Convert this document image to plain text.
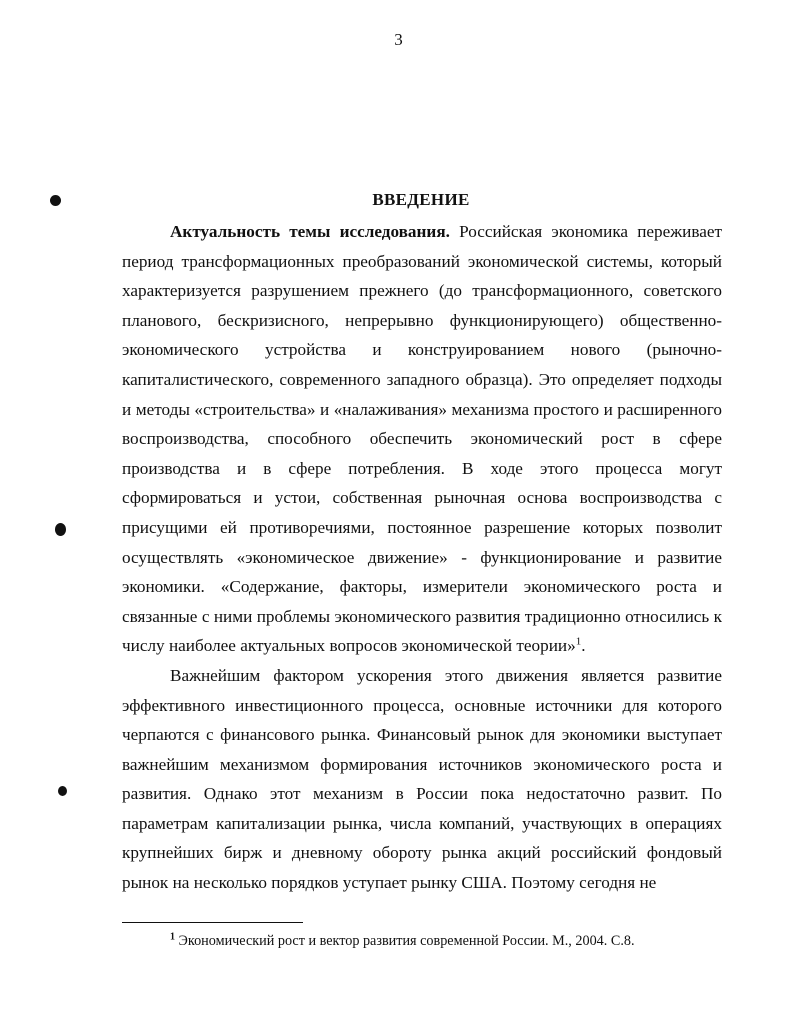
3
ВВЕДЕНИЕ

Актуальность темы исследования. Российская экономика переживает период трансформационных преобразований экономической системы, который характеризуется разрушением прежнего (до трансформационного, советского планового, бескризисного, непрерывно функционирующего) общественно-экономического устройства и конструированием нового (рыночно-капиталистического, современного западного образца). Это определяет подходы и методы «строительства» и «налаживания» механизма простого и расширенного воспроизводства, способного обеспечить экономический рост в сфере производства и в сфере потребления. В ходе этого процесса могут сформироваться и устои, собственная рыночная основа воспроизводства с присущими ей противоречиями, постоянное разрешение которых позволит осуществлять «экономическое движение» - функционирование и развитие экономики. «Содержание, факторы, измерители экономического роста и связанные с ними проблемы экономического развития традиционно относились к числу наиболее актуальных вопросов экономической теории»$^1$.

Важнейшим фактором ускорения этого движения является развитие эффективного инвестиционного процесса, основные источники для которого черпаются с финансового рынка. Финансовый рынок для экономики выступает важнейшим механизмом формирования источников экономического роста и развития. Однако этот механизм в России пока недостаточно развит. По параметрам капитализации рынка, числа компаний, участвующих в операциях крупнейших бирж и дневному обороту рынка акций российский фондовый рынок на несколько порядков уступает рынку США. Поэтому сегодня не

$^1$ Экономический рост и вектор развития современной России. М., 2004. С.8.
